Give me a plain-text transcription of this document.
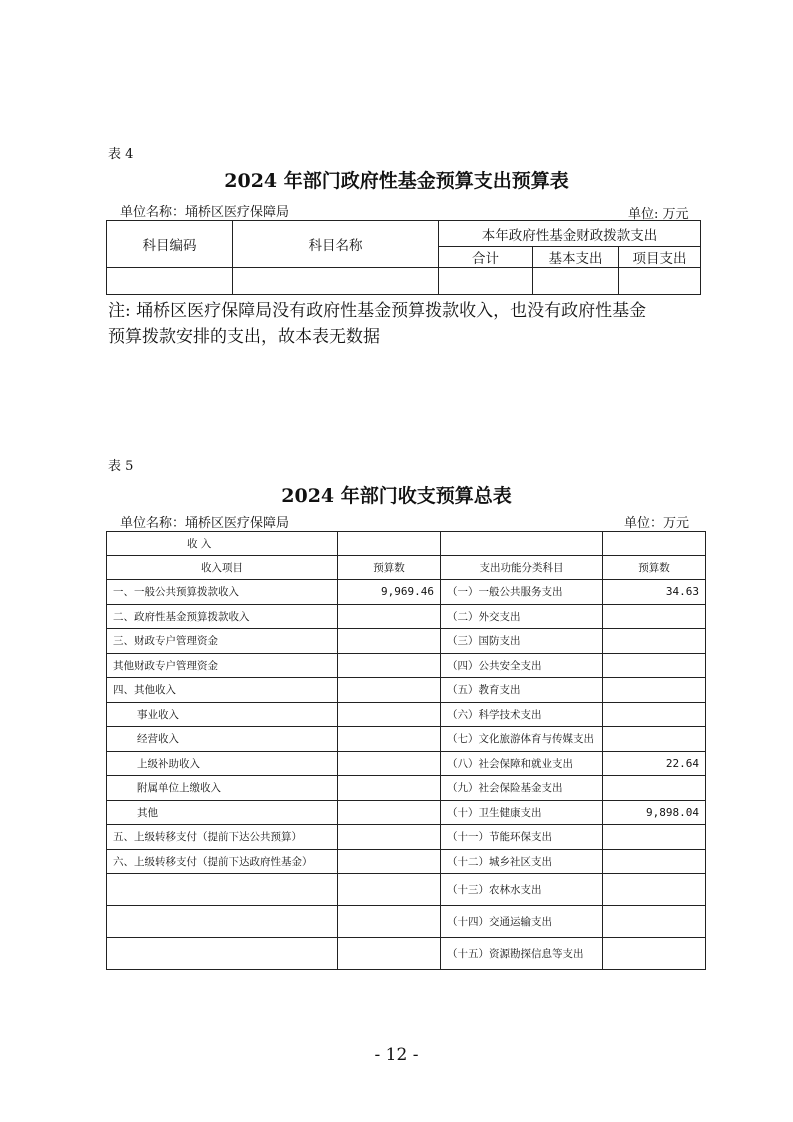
表 4
2024 年部门政府性基金预算支出预算表
单位名称：埇桥区医疗保障局	单位: 万元
科目编码	科目名称	本年政府性基金财政拨款支出		
		合计	基本支出	项目支出

注: 埇桥区医疗保障局没有政府性基金预算拨款收入，也没有政府性基金
预算拨款安排的支出，故本表无数据
表 5
2024 年部门收支预算总表
单位名称：埇桥区医疗保障局	单位：万元
收 入			
收入项目	预算数	支出功能分类科目	预算数
一、一般公共预算拨款收入	9,969.46	（一）一般公共服务支出	34.63
二、政府性基金预算拨款收入		（二）外交支出	
三、财政专户管理资金		（三）国防支出	
其他财政专户管理资金		（四）公共安全支出	
四、其他收入		（五）教育支出	
事业收入		（六）科学技术支出	
经营收入		（七）文化旅游体育与传媒支出	
上级补助收入		（八）社会保障和就业支出	22.64
附属单位上缴收入		（九）社会保险基金支出	
其他		（十）卫生健康支出	9,898.04
五、上级转移支付（提前下达公共预算）		（十一）节能环保支出	
六、上级转移支付（提前下达政府性基金）		（十二）城乡社区支出	
		（十三）农林水支出	
		（十四）交通运输支出	
		（十五）资源勘探信息等支出	
- 12 -
